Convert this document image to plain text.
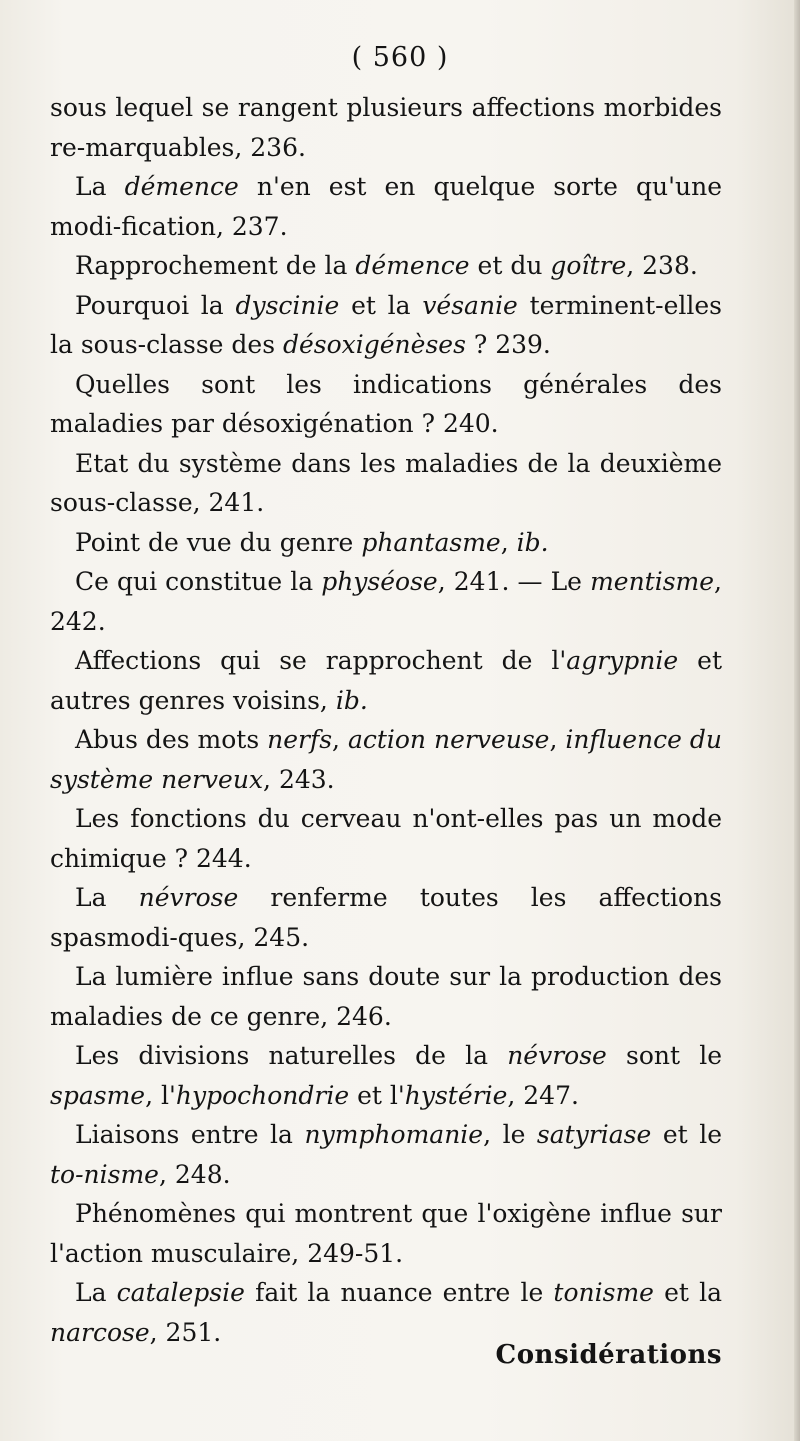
( 560 )

sous lequel se rangent plusieurs affections morbides re-marquables, 236.

La démence n'en est en quelque sorte qu'une modi-fication, 237.

Rapprochement de la démence et du goître, 238.

Pourquoi la dyscinie et la vésanie terminent-elles la sous-classe des désoxigénèses ? 239.

Quelles sont les indications générales des maladies par désoxigénation ? 240.

Etat du système dans les maladies de la deuxième sous-classe, 241.

Point de vue du genre phantasme, ib.

Ce qui constitue la physéose, 241. — Le mentisme, 242.

Affections qui se rapprochent de l'agrypnie et autres genres voisins, ib.

Abus des mots nerfs, action nerveuse, influence du système nerveux, 243.

Les fonctions du cerveau n'ont-elles pas un mode chimique ? 244.

La névrose renferme toutes les affections spasmodi-ques, 245.

La lumière influe sans doute sur la production des maladies de ce genre, 246.

Les divisions naturelles de la névrose sont le spasme, l'hypochondrie et l'hystérie, 247.

Liaisons entre la nymphomanie, le satyriase et le to-nisme, 248.

Phénomènes qui montrent que l'oxigène influe sur l'action musculaire, 249-51.

La catalepsie fait la nuance entre le tonisme et la narcose, 251.

Considérations
